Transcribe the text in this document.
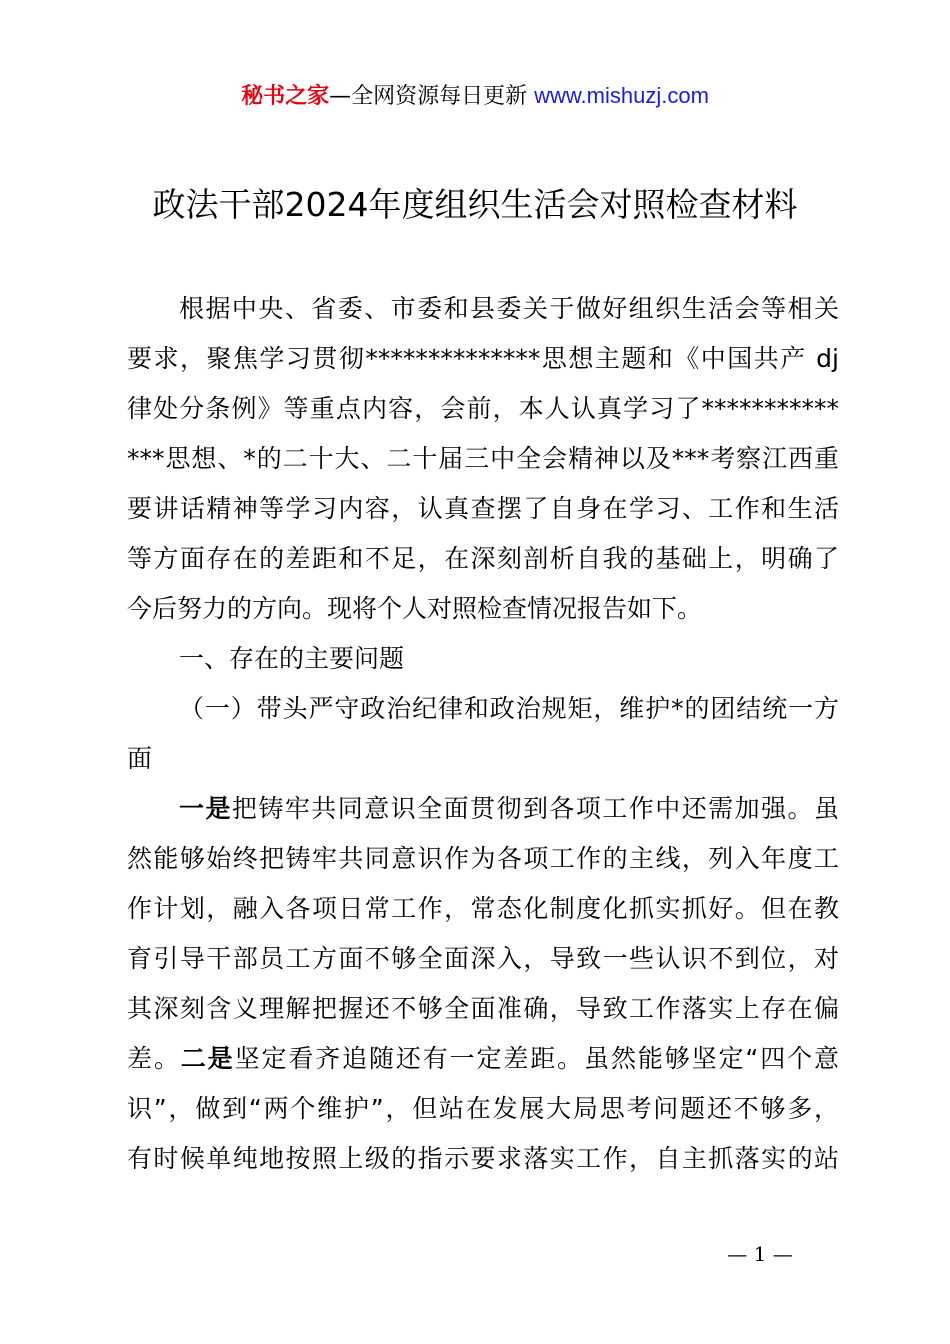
秘书之家—全网资源每日更新 www.mishuzj.com
政法干部2024年度组织生活会对照检查材料
根据中央、省委、市委和县委关于做好组织生活会等相关
要求，聚焦学习贯彻**************思想主题和《中国共产 dj
律处分条例》等重点内容，会前，本人认真学习了***********
***思想、*的二十大、二十届三中全会精神以及***考察江西重
要讲话精神等学习内容，认真查摆了自身在学习、工作和生活
等方面存在的差距和不足，在深刻剖析自我的基础上，明确了
今后努力的方向。现将个人对照检查情况报告如下。
一、存在的主要问题
（一）带头严守政治纪律和政治规矩，维护*的团结统一方
面
一是把铸牢共同意识全面贯彻到各项工作中还需加强。虽
然能够始终把铸牢共同意识作为各项工作的主线，列入年度工
作计划，融入各项日常工作，常态化制度化抓实抓好。但在教
育引导干部员工方面不够全面深入，导致一些认识不到位，对
其深刻含义理解把握还不够全面准确，导致工作落实上存在偏
差。二是坚定看齐追随还有一定差距。虽然能够坚定“四个意
识”，做到“两个维护”，但站在发展大局思考问题还不够多，
有时候单纯地按照上级的指示要求落实工作，自主抓落实的站
— 1 —
